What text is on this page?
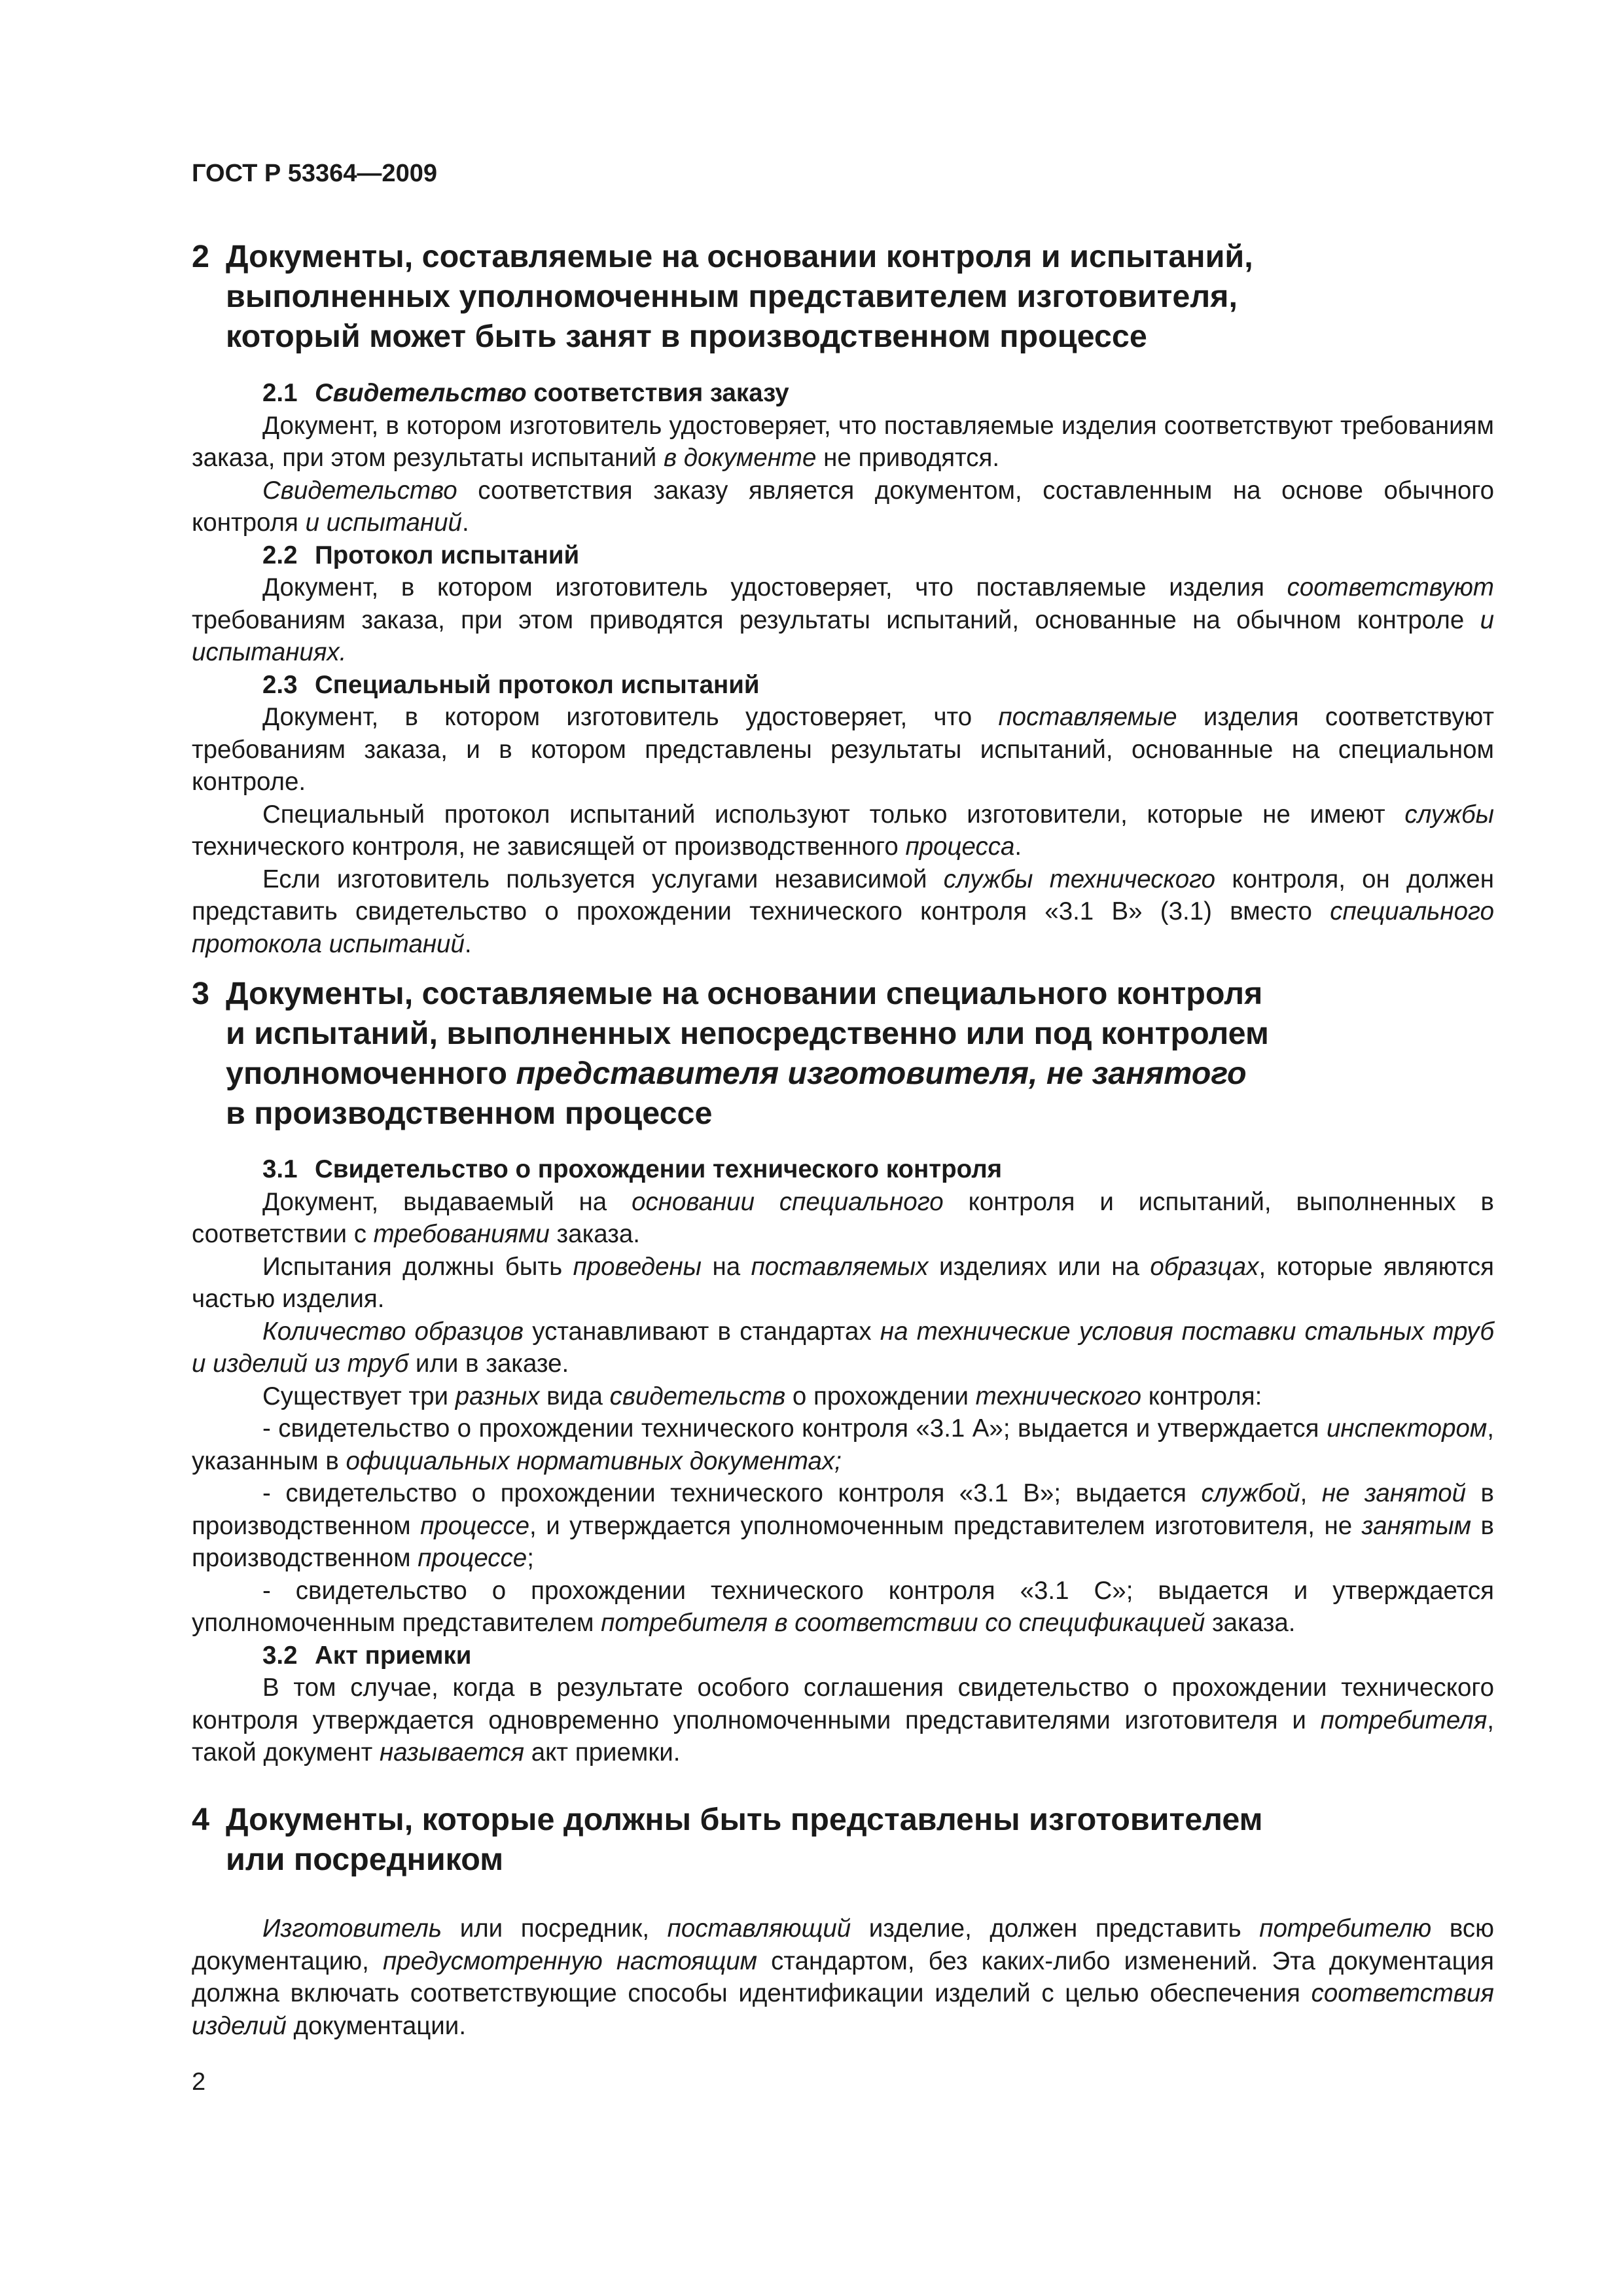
ГОСТ Р 53364—2009
2 Документы, составляемые на основании контроля и испытаний,
выполненных уполномоченным представителем изготовителя,
который может быть занят в производственном процессе

2.1 Свидетельство соответствия заказу

Документ, в котором изготовитель удостоверяет, что поставляемые изделия соответствуют требованиям заказа, при этом результаты испытаний в документе не приводятся.

Свидетельство соответствия заказу является документом, составленным на основе обычного контроля и испытаний.

2.2 Протокол испытаний

Документ, в котором изготовитель удостоверяет, что поставляемые изделия соответствуют требованиям заказа, при этом приводятся результаты испытаний, основанные на обычном контроле и испытаниях.

2.3 Специальный протокол испытаний

Документ, в котором изготовитель удостоверяет, что поставляемые изделия соответствуют требованиям заказа, и в котором представлены результаты испытаний, основанные на специальном контроле.

Специальный протокол испытаний используют только изготовители, которые не имеют службы технического контроля, не зависящей от производственного процесса.

Если изготовитель пользуется услугами независимой службы технического контроля, он должен представить свидетельство о прохождении технического контроля «3.1 В» (3.1) вместо специального протокола испытаний.

3 Документы, составляемые на основании специального контроля
и испытаний, выполненных непосредственно или под контролем
уполномоченного представителя изготовителя, не занятого
в производственном процессе

3.1 Свидетельство о прохождении технического контроля

Документ, выдаваемый на основании специального контроля и испытаний, выполненных в соответствии с требованиями заказа.

Испытания должны быть проведены на поставляемых изделиях или на образцах, которые являются частью изделия.

Количество образцов устанавливают в стандартах на технические условия поставки стальных труб и изделий из труб или в заказе.

Существует три разных вида свидетельств о прохождении технического контроля:

- свидетельство о прохождении технического контроля «3.1 А»; выдается и утверждается инспектором, указанным в официальных нормативных документах;

- свидетельство о прохождении технического контроля «3.1 В»; выдается службой, не занятой в производственном процессе, и утверждается уполномоченным представителем изготовителя, не занятым в производственном процессе;

- свидетельство о прохождении технического контроля «3.1 С»; выдается и утверждается уполномоченным представителем потребителя в соответствии со спецификацией заказа.

3.2 Акт приемки

В том случае, когда в результате особого соглашения свидетельство о прохождении технического контроля утверждается одновременно уполномоченными представителями изготовителя и потребителя, такой документ называется акт приемки.

4 Документы, которые должны быть представлены изготовителем
или посредником

Изготовитель или посредник, поставляющий изделие, должен представить потребителю всю документацию, предусмотренную настоящим стандартом, без каких-либо изменений. Эта документация должна включать соответствующие способы идентификации изделий с целью обеспечения соответствия изделий документации.

2
